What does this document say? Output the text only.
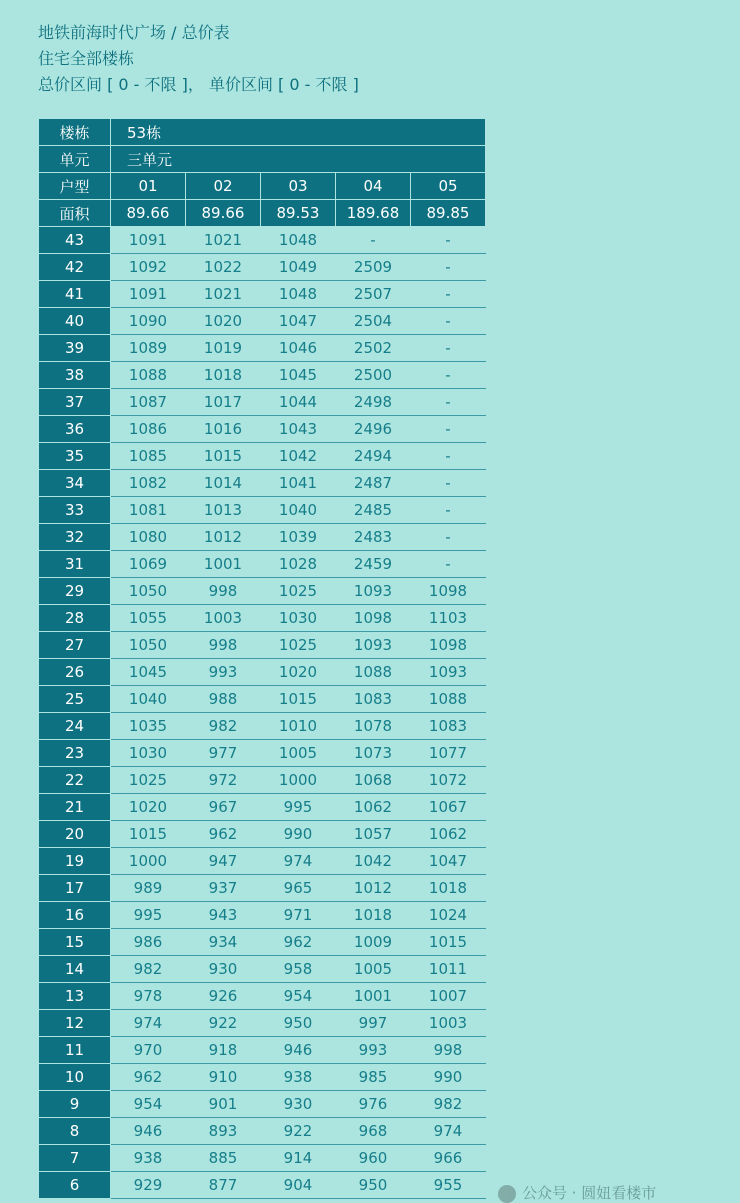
地铁前海时代广场 / 总价表
住宅全部楼栋
总价区间 [ 0 - 不限 ]， 单价区间 [ 0 - 不限 ]
楼栋	53栋				
单元	三单元				
户型	01	02	03	04	05
面积	89.66	89.66	89.53	189.68	89.85
43	1091	1021	1048	-	-
42	1092	1022	1049	2509	-
41	1091	1021	1048	2507	-
40	1090	1020	1047	2504	-
39	1089	1019	1046	2502	-
38	1088	1018	1045	2500	-
37	1087	1017	1044	2498	-
36	1086	1016	1043	2496	-
35	1085	1015	1042	2494	-
34	1082	1014	1041	2487	-
33	1081	1013	1040	2485	-
32	1080	1012	1039	2483	-
31	1069	1001	1028	2459	-
29	1050	998	1025	1093	1098
28	1055	1003	1030	1098	1103
27	1050	998	1025	1093	1098
26	1045	993	1020	1088	1093
25	1040	988	1015	1083	1088
24	1035	982	1010	1078	1083
23	1030	977	1005	1073	1077
22	1025	972	1000	1068	1072
21	1020	967	995	1062	1067
20	1015	962	990	1057	1062
19	1000	947	974	1042	1047
17	989	937	965	1012	1018
16	995	943	971	1018	1024
15	986	934	962	1009	1015
14	982	930	958	1005	1011
13	978	926	954	1001	1007
12	974	922	950	997	1003
11	970	918	946	993	998
10	962	910	938	985	990
9	954	901	930	976	982
8	946	893	922	968	974
7	938	885	914	960	966
6	929	877	904	950	955	公众号 · 圆妞看楼市
